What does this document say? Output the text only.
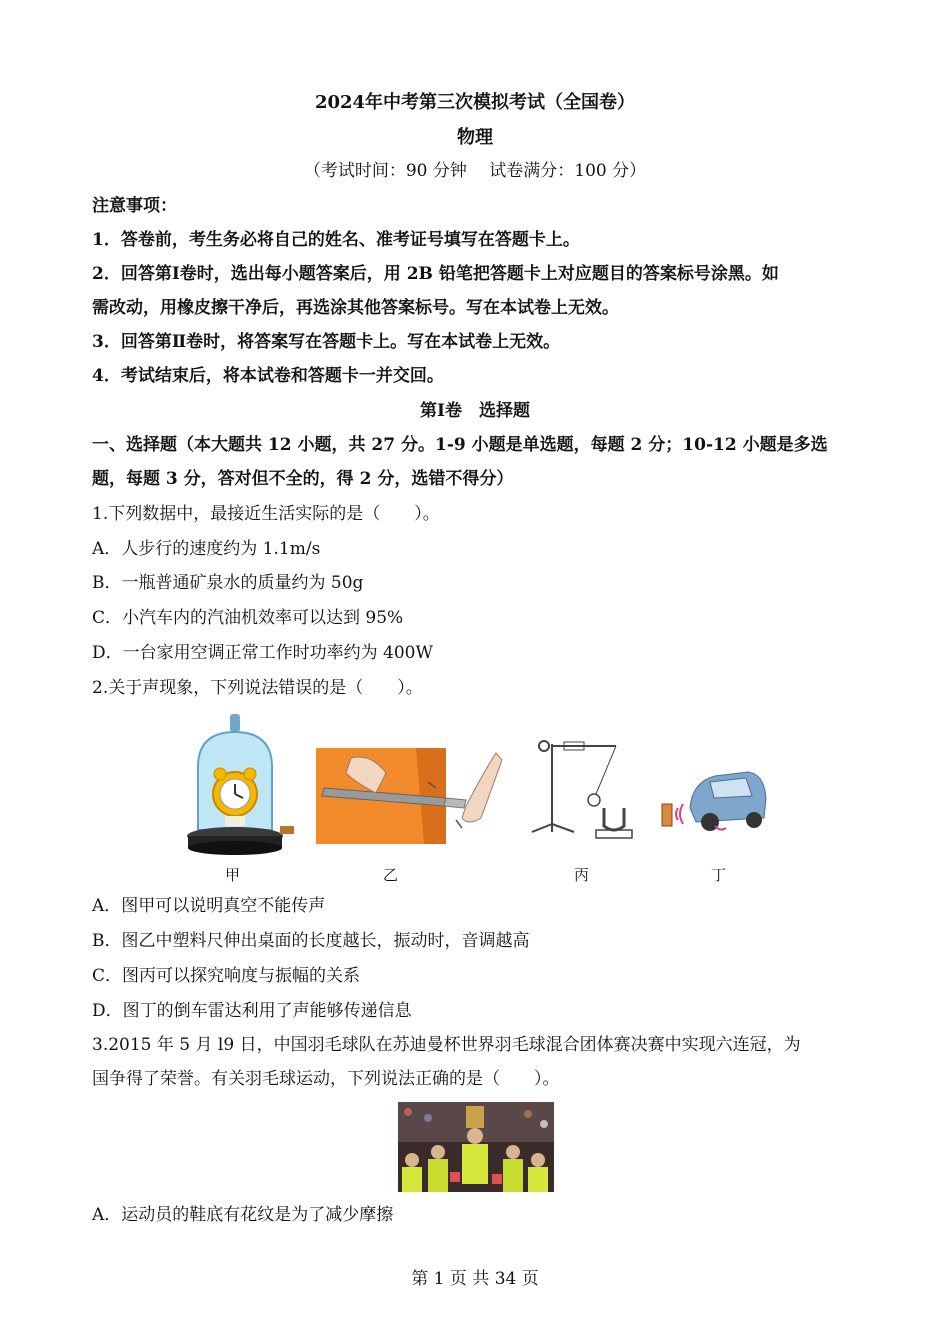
2024年中考第三次模拟考试（全国卷）
物理
（考试时间：90 分钟　 试卷满分：100 分）
注意事项：
1．答卷前，考生务必将自己的姓名、准考证号填写在答题卡上。
2．回答第Ⅰ卷时，选出每小题答案后，用 2B 铅笔把答题卡上对应题目的答案标号涂黑。如
需改动，用橡皮擦干净后，再选涂其他答案标号。写在本试卷上无效。
3．回答第Ⅱ卷时，将答案写在答题卡上。写在本试卷上无效。
4．考试结束后，将本试卷和答题卡一并交回。
第Ⅰ卷　选择题
一、选择题（本大题共 12 小题，共 27 分。1-9 小题是单选题，每题 2 分；10-12 小题是多选
题，每题 3 分，答对但不全的，得 2 分，选错不得分）
1.下列数据中，最接近生活实际的是（　　）。
A．人步行的速度约为 1.1m/s
B．一瓶普通矿泉水的质量约为 50g
C．小汽车内的汽油机效率可以达到 95%
D．一台家用空调正常工作时功率约为 400W
2.关于声现象，下列说法错误的是（　　）。
甲	乙	丙	丁
A．图甲可以说明真空不能传声
B．图乙中塑料尺伸出桌面的长度越长，振动时，音调越高
C．图丙可以探究响度与振幅的关系
D．图丁的倒车雷达利用了声能够传递信息
3.2015 年 5 月 l9 日，中国羽毛球队在苏迪曼杯世界羽毛球混合团体赛决赛中实现六连冠，为
国争得了荣誉。有关羽毛球运动，下列说法正确的是（　　）。
A．运动员的鞋底有花纹是为了减少摩擦
第 1 页 共 34 页
